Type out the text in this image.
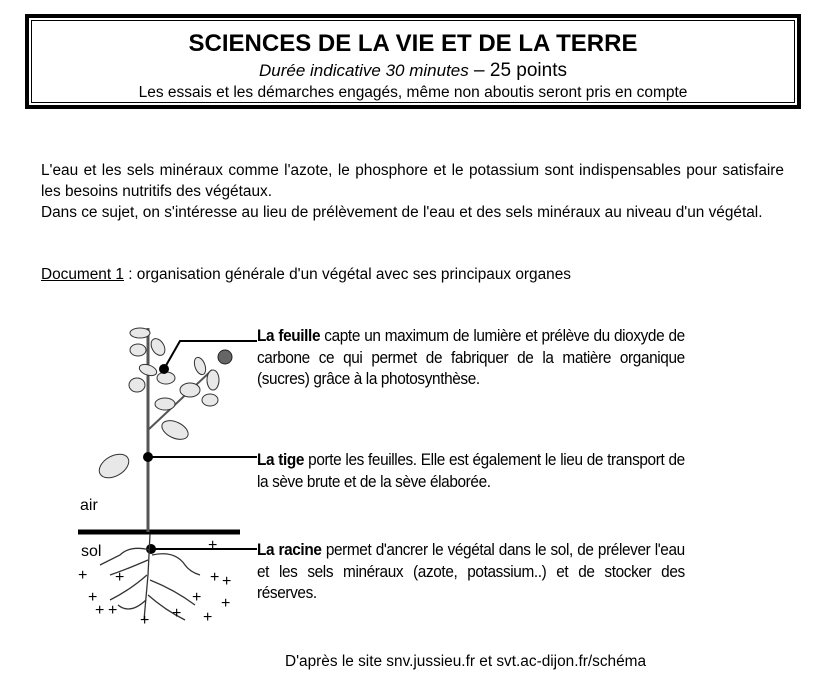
SCIENCES DE LA VIE ET DE LA TERRE
Durée indicative 30 minutes – 25 points
Les essais et les démarches engagés, même non aboutis seront pris en compte

L'eau et les sels minéraux comme l'azote, le phosphore et le potassium sont indispensables pour satisfaire les besoins nutritifs des végétaux.

Dans ce sujet, on s'intéresse au lieu de prélèvement de l'eau et des sels minéraux au niveau d'un végétal.

Document 1 : organisation générale d'un végétal avec ses principaux organes
+
+ +	+ +
+	+ +
+ +
+ + +
air
sol
La feuille capte un maximum de lumière et prélève du dioxyde de carbone ce qui permet de fabriquer de la matière organique (sucres) grâce à la photosynthèse.
La tige porte les feuilles. Elle est également le lieu de transport de la sève brute et de la sève élaborée.
La racine permet d'ancrer le végétal dans le sol, de prélever l'eau et les sels minéraux (azote, potassium..) et de stocker des réserves.
D'après le site snv.jussieu.fr et svt.ac-dijon.fr/schéma
